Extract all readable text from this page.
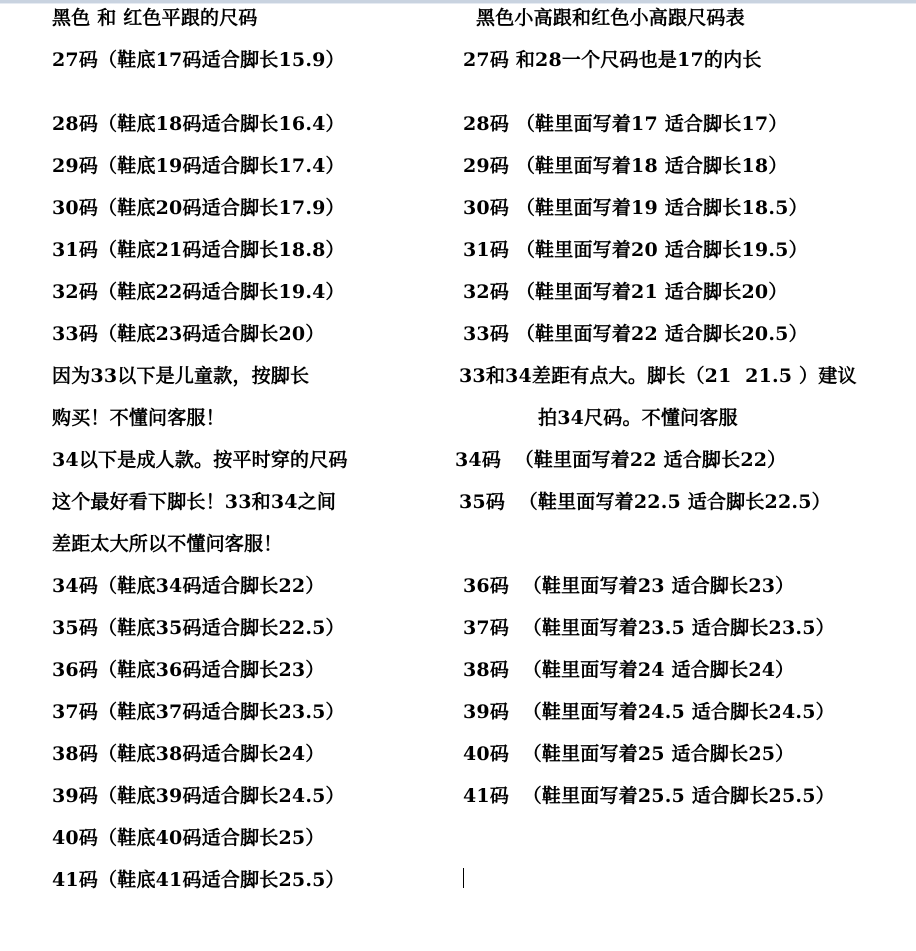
黑色 和 红色平跟的尺码
27码（鞋底17码适合脚长15.9）
28码（鞋底18码适合脚长16.4）
29码（鞋底19码适合脚长17.4）
30码（鞋底20码适合脚长17.9）
31码（鞋底21码适合脚长18.8）
32码（鞋底22码适合脚长19.4）
33码（鞋底23码适合脚长20）
因为33以下是儿童款，按脚长
购买！不懂问客服！
34以下是成人款。按平时穿的尺码
这个最好看下脚长！33和34之间
差距太大所以不懂问客服！
34码（鞋底34码适合脚长22）
35码（鞋底35码适合脚长22.5）
36码（鞋底36码适合脚长23）
37码（鞋底37码适合脚长23.5）
38码（鞋底38码适合脚长24）
39码（鞋底39码适合脚长24.5）
40码（鞋底40码适合脚长25）
41码（鞋底41码适合脚长25.5）
黑色小高跟和红色小高跟尺码表
27码 和28一个尺码也是17的内长
28码 （鞋里面写着17 适合脚长17）
29码 （鞋里面写着18 适合脚长18）
30码 （鞋里面写着19 适合脚长18.5）
31码 （鞋里面写着20 适合脚长19.5）
32码 （鞋里面写着21 适合脚长20）
33码 （鞋里面写着22 适合脚长20.5）
33和34差距有点大。脚长（21  21.5 ）建议
拍34尺码。不懂问客服
34码  （鞋里面写着22 适合脚长22）
35码  （鞋里面写着22.5 适合脚长22.5）
36码  （鞋里面写着23 适合脚长23）
37码  （鞋里面写着23.5 适合脚长23.5）
38码  （鞋里面写着24 适合脚长24）
39码  （鞋里面写着24.5 适合脚长24.5）
40码  （鞋里面写着25 适合脚长25）
41码  （鞋里面写着25.5 适合脚长25.5）
